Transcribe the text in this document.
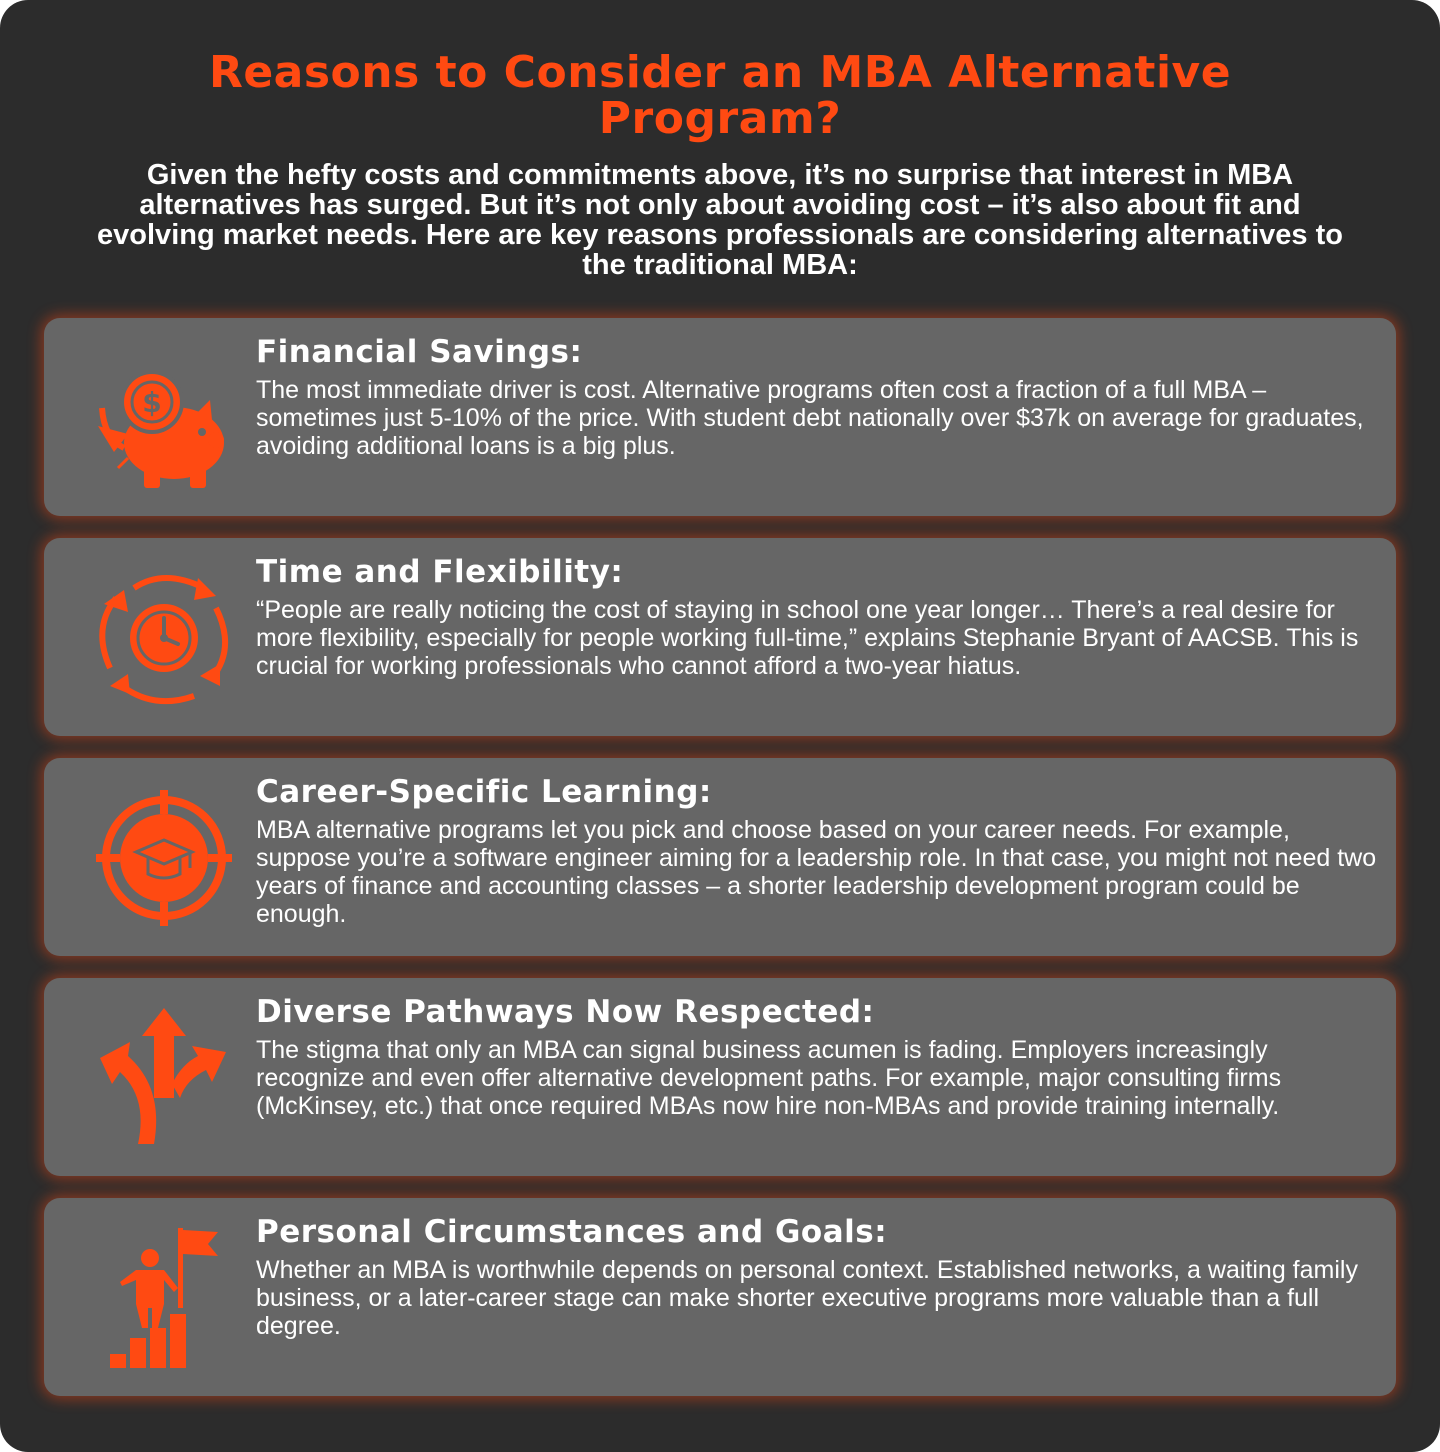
Reasons to Consider an MBA Alternative Program?
Given the hefty costs and commitments above, it’s no surprise that interest in MBA alternatives has surged. But it’s not only about avoiding cost – it’s also about fit and evolving market needs. Here are key reasons professionals are considering alternatives to the traditional MBA:
$
Financial Savings:
The most immediate driver is cost. Alternative programs often cost a fraction of a full MBA – sometimes just 5-10% of the price. With student debt nationally over $37k on average for graduates, avoiding additional loans is a big plus.
Time and Flexibility:
“People are really noticing the cost of staying in school one year longer… There’s a real desire for more flexibility, especially for people working full-time,” explains Stephanie Bryant of AACSB. This is crucial for working professionals who cannot afford a two-year hiatus.
Career-Specific Learning:
MBA alternative programs let you pick and choose based on your career needs. For example, suppose you’re a software engineer aiming for a leadership role. In that case, you might not need two years of finance and accounting classes – a shorter leadership development program could be enough.
Diverse Pathways Now Respected:
The stigma that only an MBA can signal business acumen is fading. Employers increasingly recognize and even offer alternative development paths. For example, major consulting firms (McKinsey, etc.) that once required MBAs now hire non-MBAs and provide training internally.
Personal Circumstances and Goals:
Whether an MBA is worthwhile depends on personal context. Established networks, a waiting family business, or a later-career stage can make shorter executive programs more valuable than a full degree.
